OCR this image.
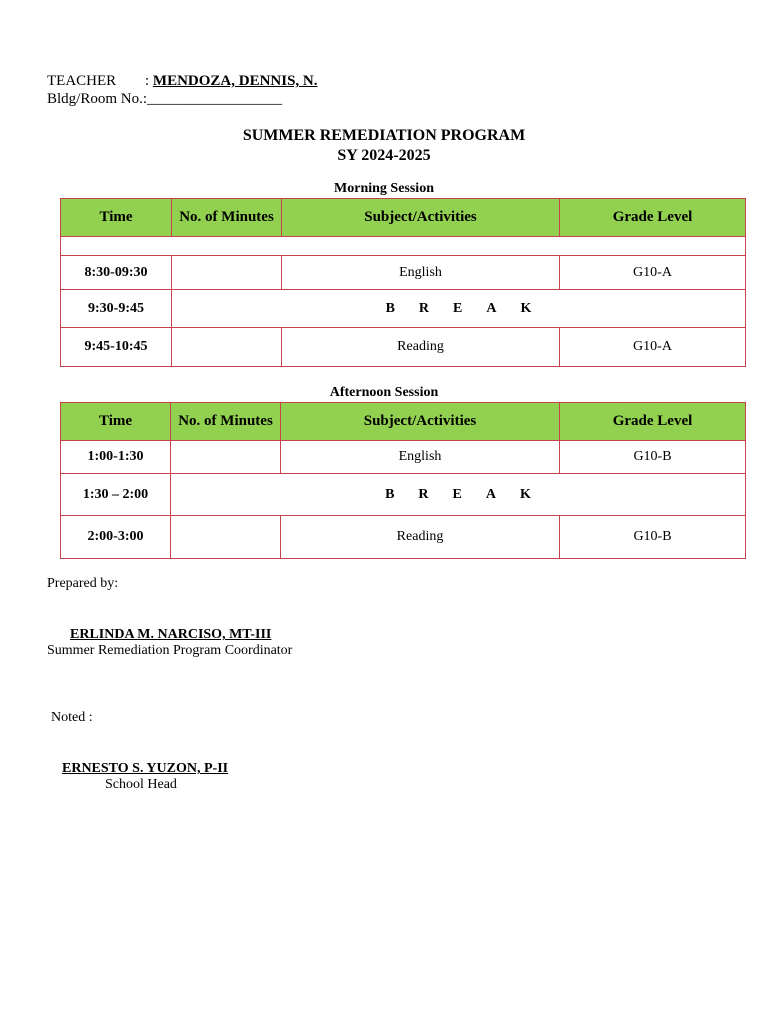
TEACHER : MENDOZA, DENNIS, N.
Bldg/Room No.:__________________
SUMMER REMEDIATION PROGRAM
SY 2024-2025
Morning Session
Time	No. of Minutes	Subject/Activities	Grade Level

8:30-09:30		English	G10-A
9:30-9:45	B R E A K		
9:45-10:45		Reading	G10-A
Afternoon Session
Time	No. of Minutes	Subject/Activities	Grade Level
1:00-1:30		English	G10-B
1:30 – 2:00	B R E A K		
2:00-3:00		Reading	G10-B
Prepared by:
ERLINDA M. NARCISO, MT-III
Summer Remediation Program Coordinator
Noted :
ERNESTO S. YUZON, P-II
School Head
